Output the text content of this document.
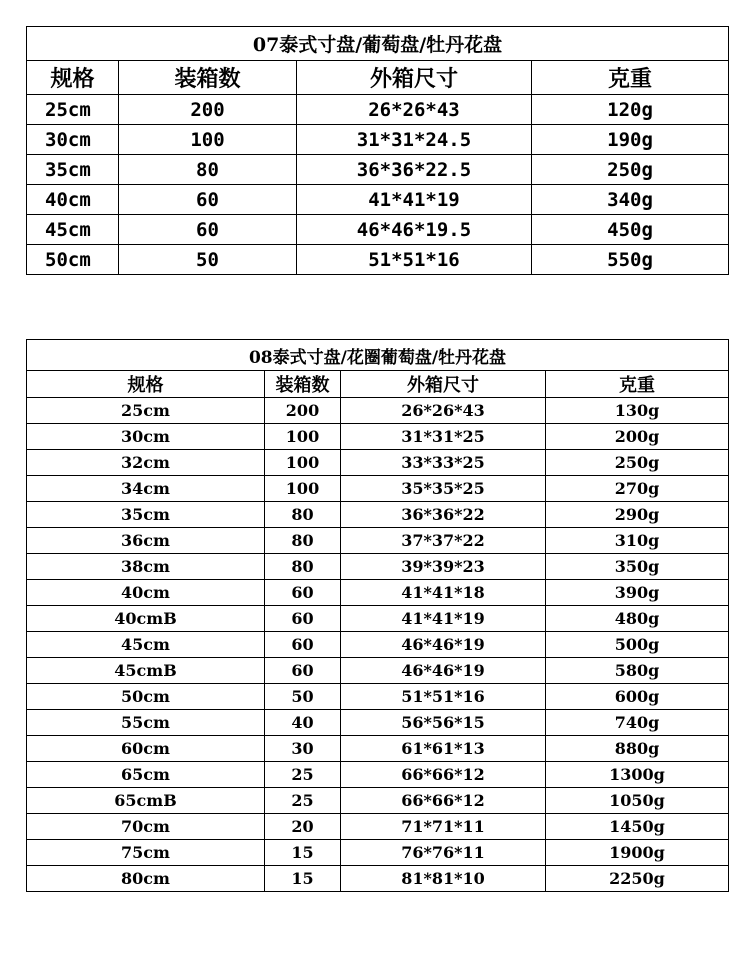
07泰式寸盘/葡萄盘/牡丹花盘			
规格	装箱数	外箱尺寸	克重
25cm	200	26*26*43	120g
30cm	100	31*31*24.5	190g
35cm	80	36*36*22.5	250g
40cm	60	41*41*19	340g
45cm	60	46*46*19.5	450g
50cm	50	51*51*16	550g
08泰式寸盘/花圈葡萄盘/牡丹花盘			
规格	装箱数	外箱尺寸	克重
25cm	200	26*26*43	130g
30cm	100	31*31*25	200g
32cm	100	33*33*25	250g
34cm	100	35*35*25	270g
35cm	80	36*36*22	290g
36cm	80	37*37*22	310g
38cm	80	39*39*23	350g
40cm	60	41*41*18	390g
40cmB	60	41*41*19	480g
45cm	60	46*46*19	500g
45cmB	60	46*46*19	580g
50cm	50	51*51*16	600g
55cm	40	56*56*15	740g
60cm	30	61*61*13	880g
65cm	25	66*66*12	1300g
65cmB	25	66*66*12	1050g
70cm	20	71*71*11	1450g
75cm	15	76*76*11	1900g
80cm	15	81*81*10	2250g
